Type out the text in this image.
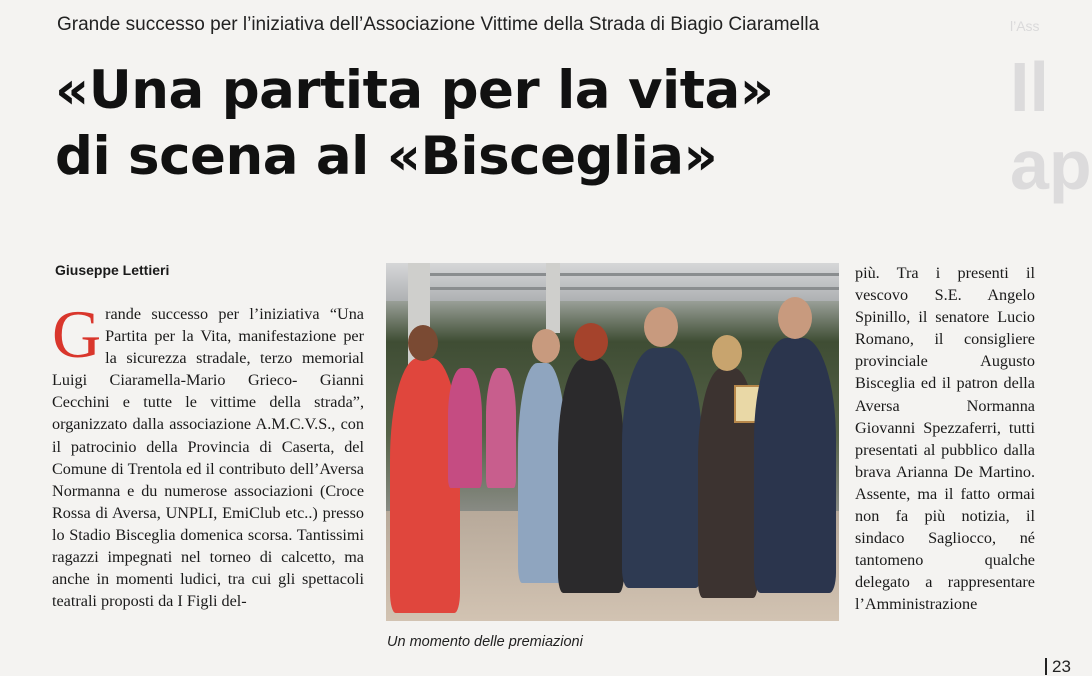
l’Ass
Il
ap
Grande successo per l’iniziativa dell’Associazione Vittime della Strada di Biagio Ciaramella
«Una partita per la vita»
di scena al «Bisceglia»
Giuseppe Lettieri

Grande successo per l’iniziativa “Una Partita per la Vita, manifestazione per la sicurezza stradale, terzo memorial Luigi Ciaramella-Mario Grieco- Gianni Cecchini e tutte le vittime della strada”, organizzato dalla associazione A.M.C.V.S., con il patrocinio della Provincia di Caserta, del Comune di Trentola ed il contributo dell’Aversa Normanna e du numerose associazioni (Croce Rossa di Aversa, UNPLI, EmiClub etc..) presso lo Stadio Bisceglia domenica scorsa. Tantissimi ragazzi impegnati nel torneo di calcetto, ma anche in momenti ludici, tra cui gli spettacoli teatrali proposti da I Figli del-

Un momento delle premiazioni

più. Tra i presenti il vescovo S.E. Angelo Spinillo, il senatore Lucio Romano, il consigliere provinciale Augusto Bisceglia ed il patron della Aversa Normanna Giovanni Spezzaferri, tutti presentati al pubblico dalla brava Arianna De Martino. Assente, ma il fatto ormai non fa più notizia, il sindaco Sagliocco, né tantomeno qualche delegato a rappresentare l’Amministrazione

23
